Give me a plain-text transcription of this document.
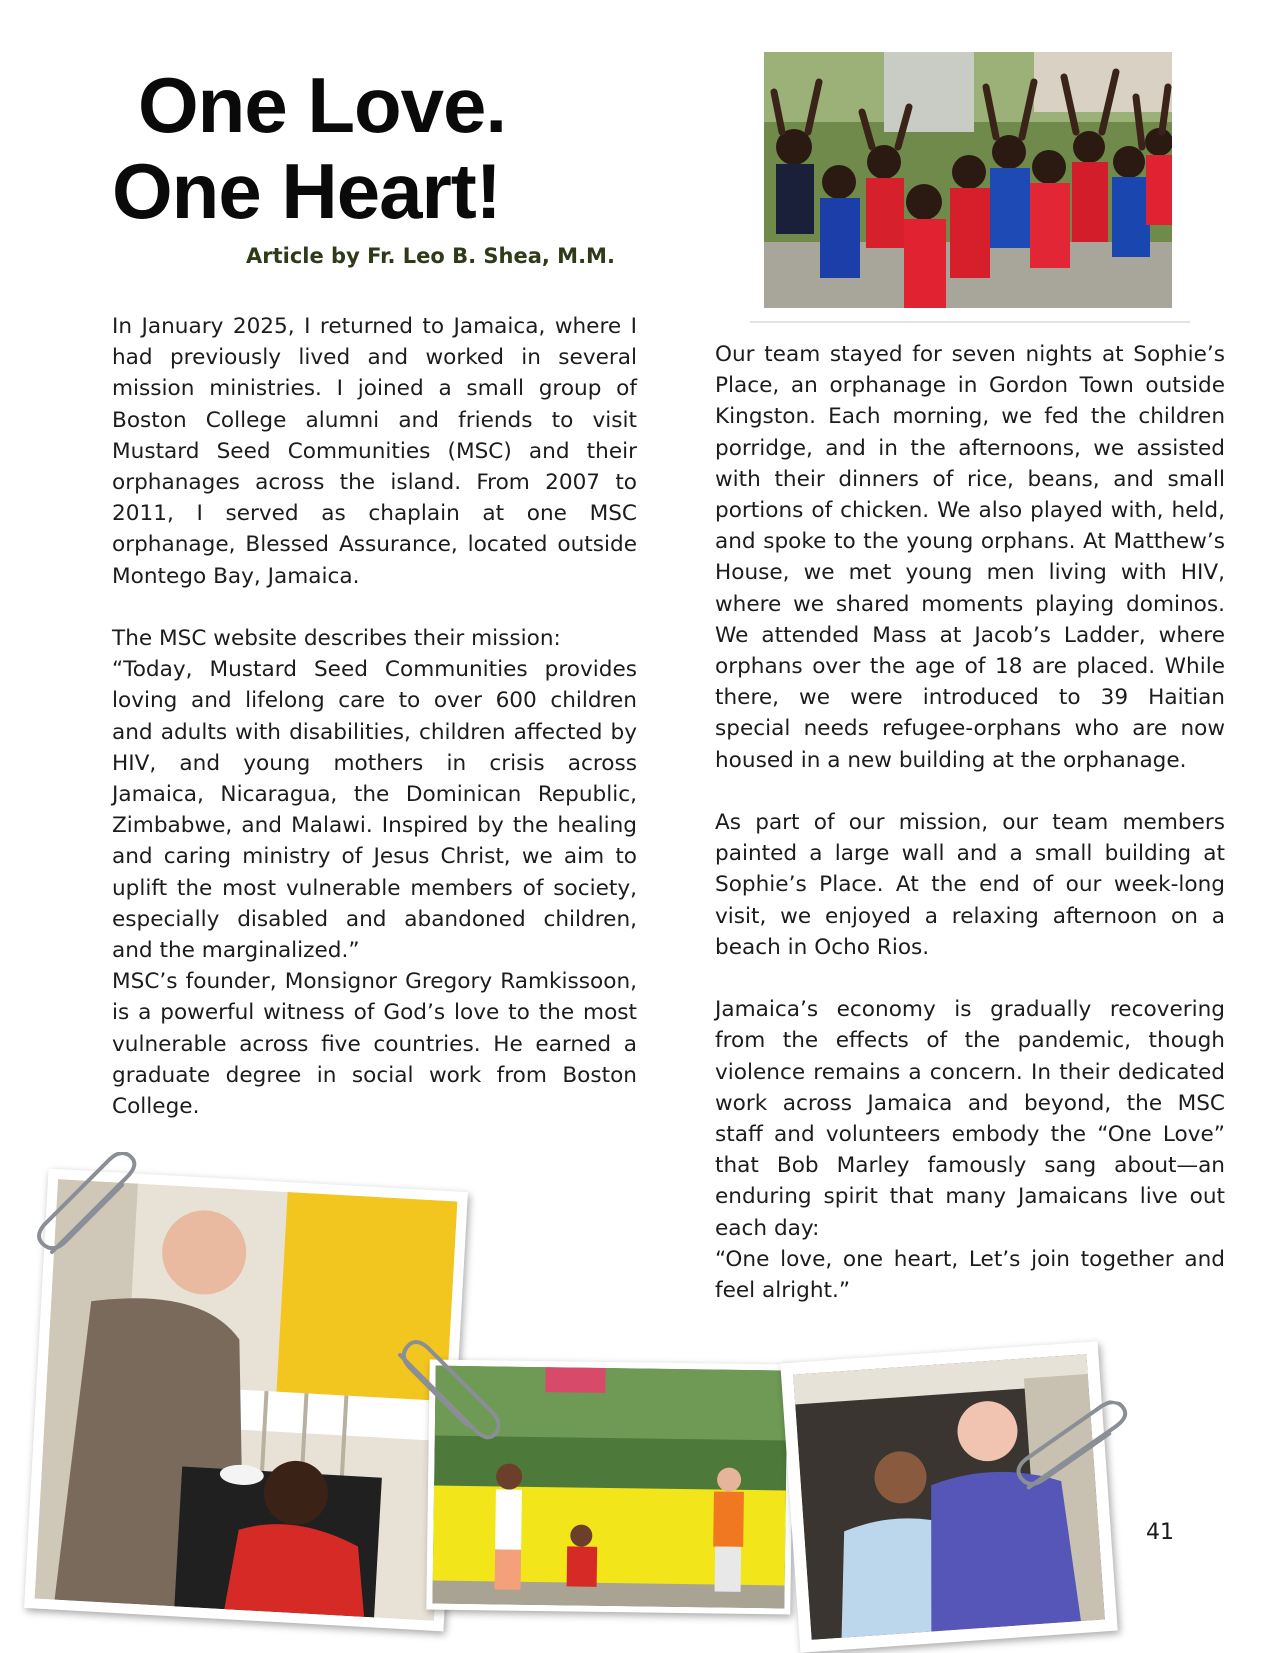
One Love.
One Heart!
Article by Fr. Leo B. Shea, M.M.

In January 2025, I returned to Jamaica, where I had previously lived and worked in several mission ministries. I joined a small group of Boston College alumni and friends to visit Mustard Seed Communities (MSC) and their orphanages across the island. From 2007 to 2011, I served as chaplain at one MSC orphanage, Blessed Assurance, located outside Montego Bay, Jamaica.

The MSC website describes their mission:

“Today, Mustard Seed Communities provides loving and lifelong care to over 600 children and adults with disabilities, children affected by HIV, and young mothers in crisis across Jamaica, Nicaragua, the Dominican Republic, Zimbabwe, and Malawi. Inspired by the healing and caring ministry of Jesus Christ, we aim to uplift the most vulnerable members of society, especially disabled and abandoned children, and the marginalized.”

MSC’s founder, Monsignor Gregory Ramkissoon, is a powerful witness of God’s love to the most vulnerable across five countries. He earned a graduate degree in social work from Boston College.

Our team stayed for seven nights at Sophie’s Place, an orphanage in Gordon Town outside Kingston. Each morning, we fed the children porridge, and in the afternoons, we assisted with their dinners of rice, beans, and small portions of chicken. We also played with, held, and spoke to the young orphans. At Matthew’s House, we met young men living with HIV, where we shared moments playing dominos. We attended Mass at Jacob’s Ladder, where orphans over the age of 18 are placed. While there, we were introduced to 39 Haitian special needs refugee-orphans who are now housed in a new building at the orphanage.

As part of our mission, our team members painted a large wall and a small building at Sophie’s Place. At the end of our week-long visit, we enjoyed a relaxing afternoon on a beach in Ocho Rios.

Jamaica’s economy is gradually recovering from the effects of the pandemic, though violence remains a concern. In their dedicated work across Jamaica and beyond, the MSC staff and volunteers embody the “One Love” that Bob Marley famously sang about—an enduring spirit that many Jamaicans live out each day:

“One love, one heart, Let’s join together and feel alright.”

41
